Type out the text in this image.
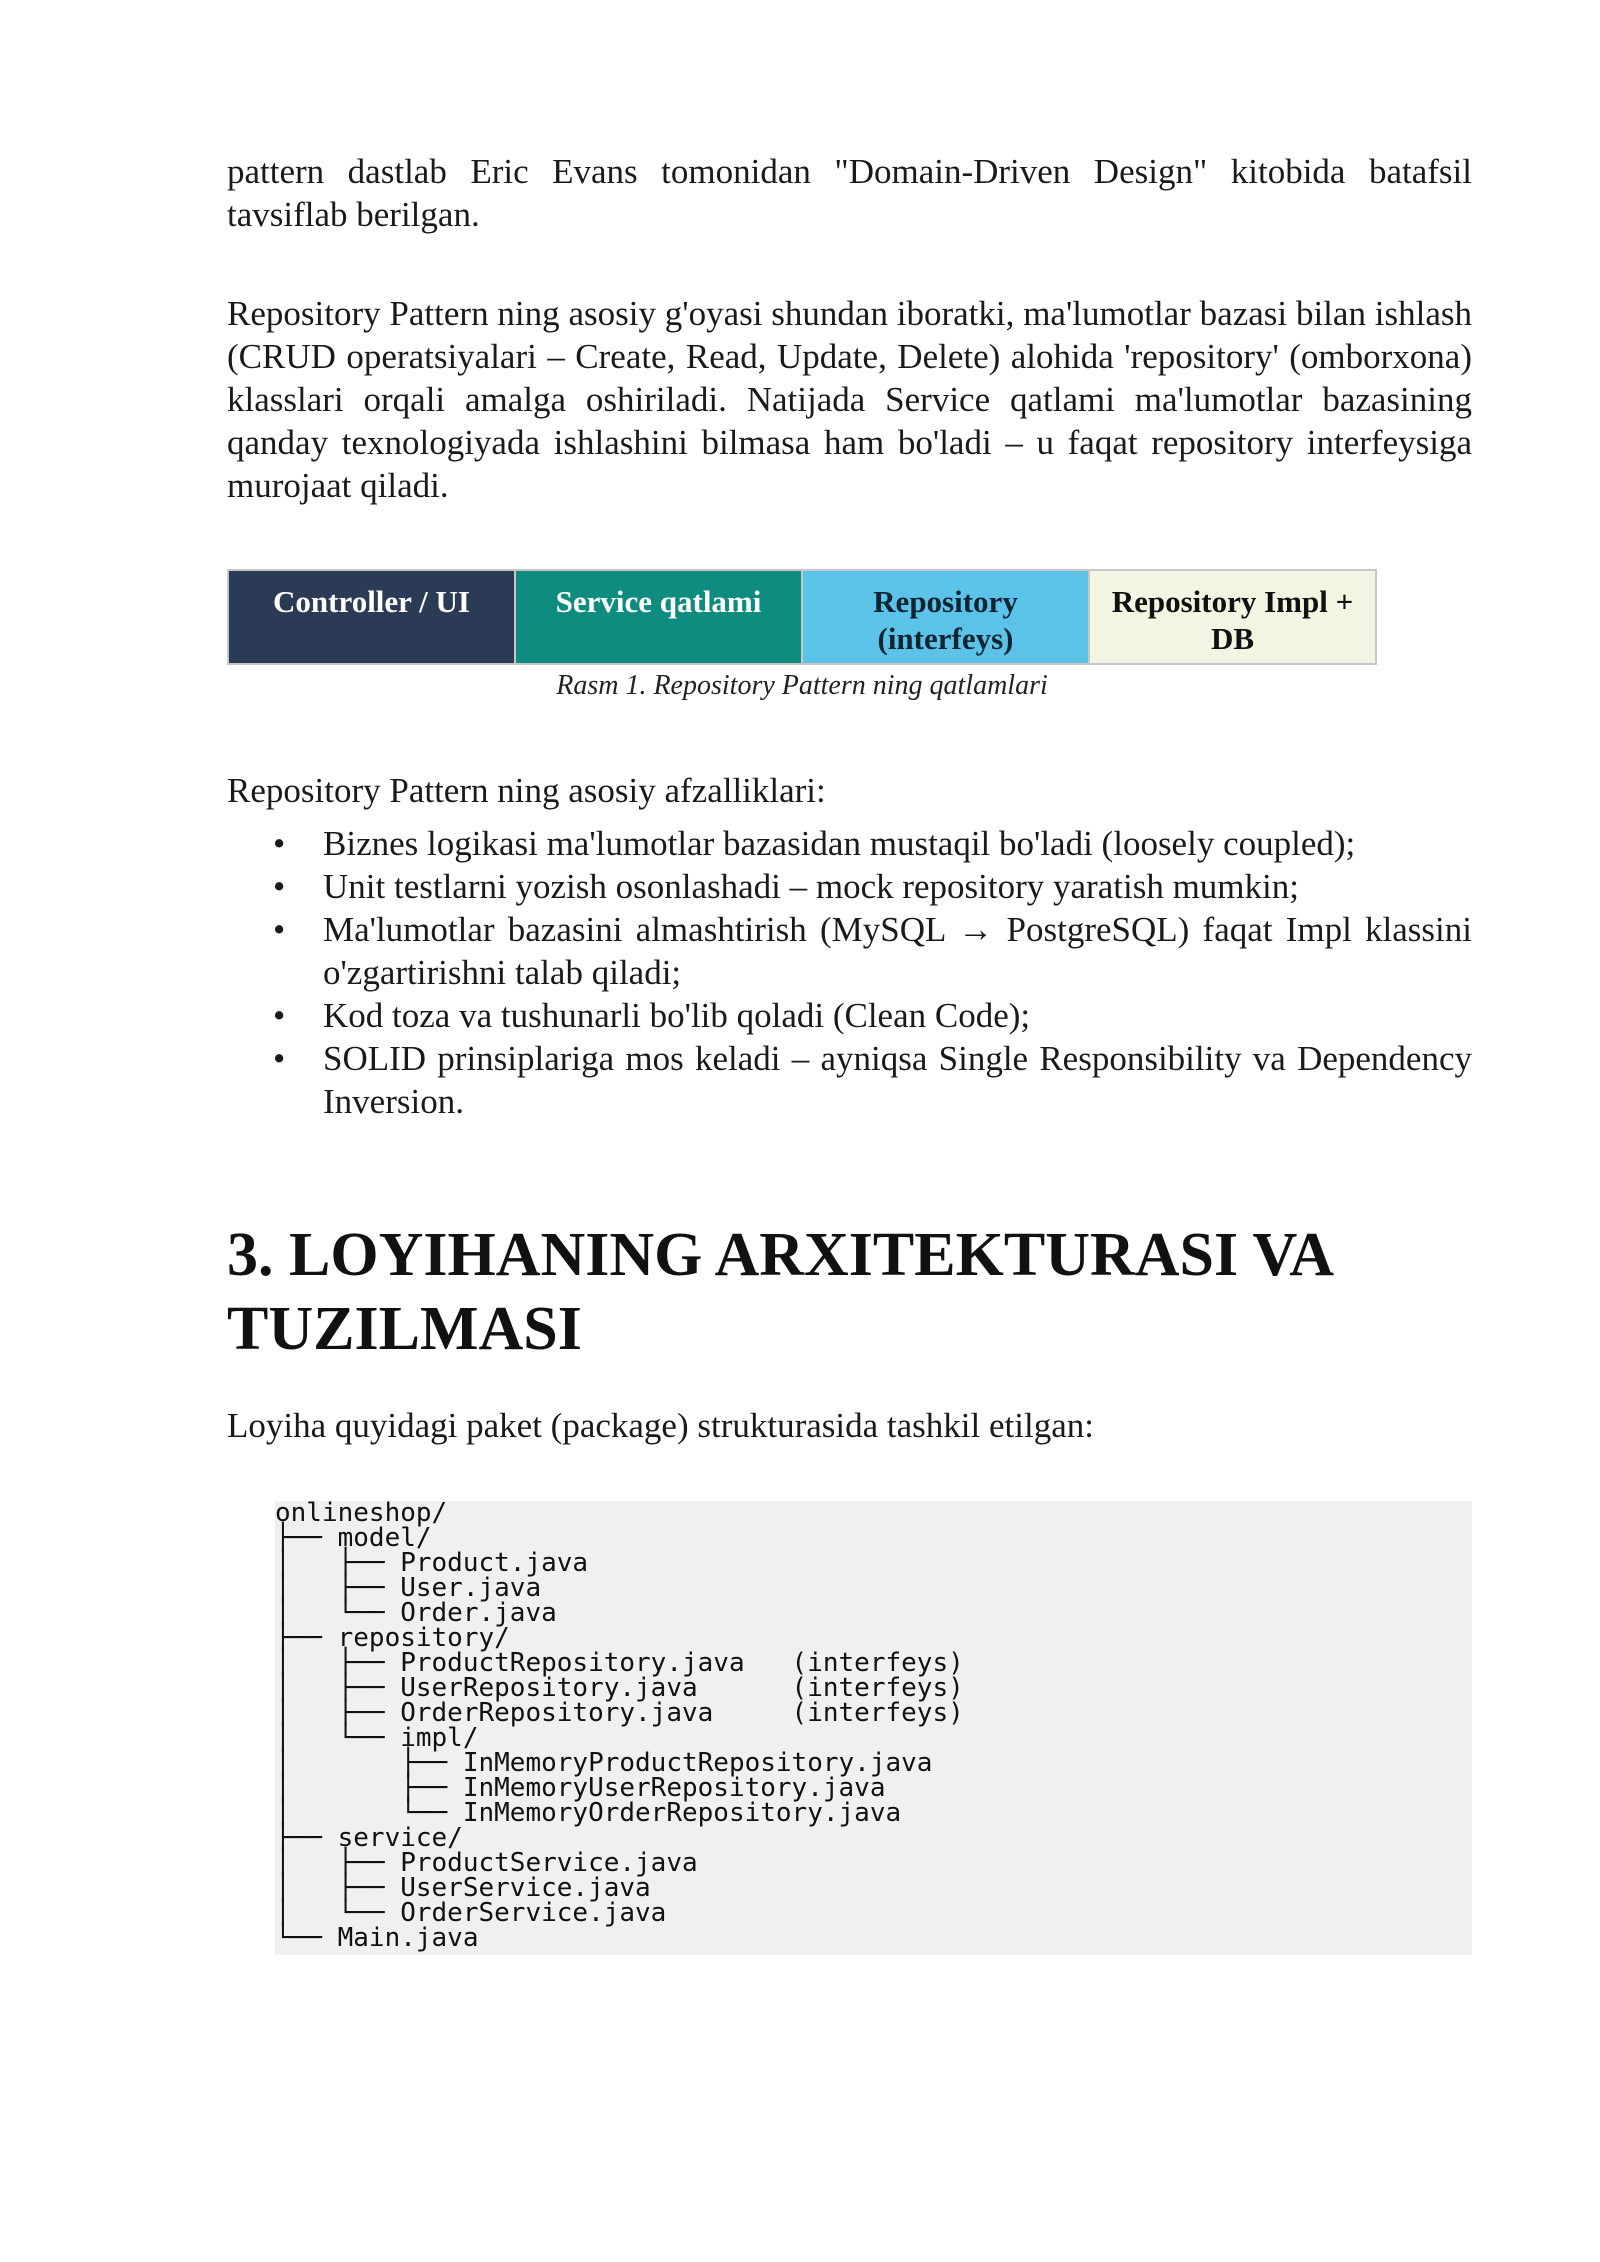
pattern dastlab Eric Evans tomonidan "Domain-Driven Design" kitobida batafsil tavsiflab berilgan.

Repository Pattern ning asosiy g'oyasi shundan iboratki, ma'lumotlar bazasi bilan ishlash (CRUD operatsiyalari – Create, Read, Update, Delete) alohida 'repository' (omborxona) klasslari orqali amalga oshiriladi. Natijada Service qatlami ma'lumotlar bazasining qanday texnologiyada ishlashini bilmasa ham bo'ladi – u faqat repository interfeysiga murojaat qiladi.

Controller / UI	Service qatlami	Repository (interfeys)
Repository Impl + DB
Rasm 1. Repository Pattern ning qatlamlari

Repository Pattern ning asosiy afzalliklari:

• Biznes logikasi ma'lumotlar bazasidan mustaqil bo'ladi (loosely coupled);
• Unit testlarni yozish osonlashadi – mock repository yaratish mumkin;
• Ma'lumotlar bazasini almashtirish (MySQL → PostgreSQL) faqat Impl klassini o'zgartirishni talab qiladi;
• Kod toza va tushunarli bo'lib qoladi (Clean Code);
• SOLID prinsiplariga mos keladi – ayniqsa Single Responsibility va Dependency Inversion.
3. LOYIHANING ARXITEKTURASI VA TUZILMASI

Loyiha quyidagi paket (package) strukturasida tashkil etilgan:

onlineshop/
├── model/
│   ├── Product.java
│   ├── User.java
│   └── Order.java
├── repository/
│   ├── ProductRepository.java   (interfeys)
│   ├── UserRepository.java      (interfeys)
│   ├── OrderRepository.java     (interfeys)
│   └── impl/
│       ├── InMemoryProductRepository.java
│       ├── InMemoryUserRepository.java
│       └── InMemoryOrderRepository.java
├── service/
│   ├── ProductService.java
│   ├── UserService.java
│   └── OrderService.java
└── Main.java
